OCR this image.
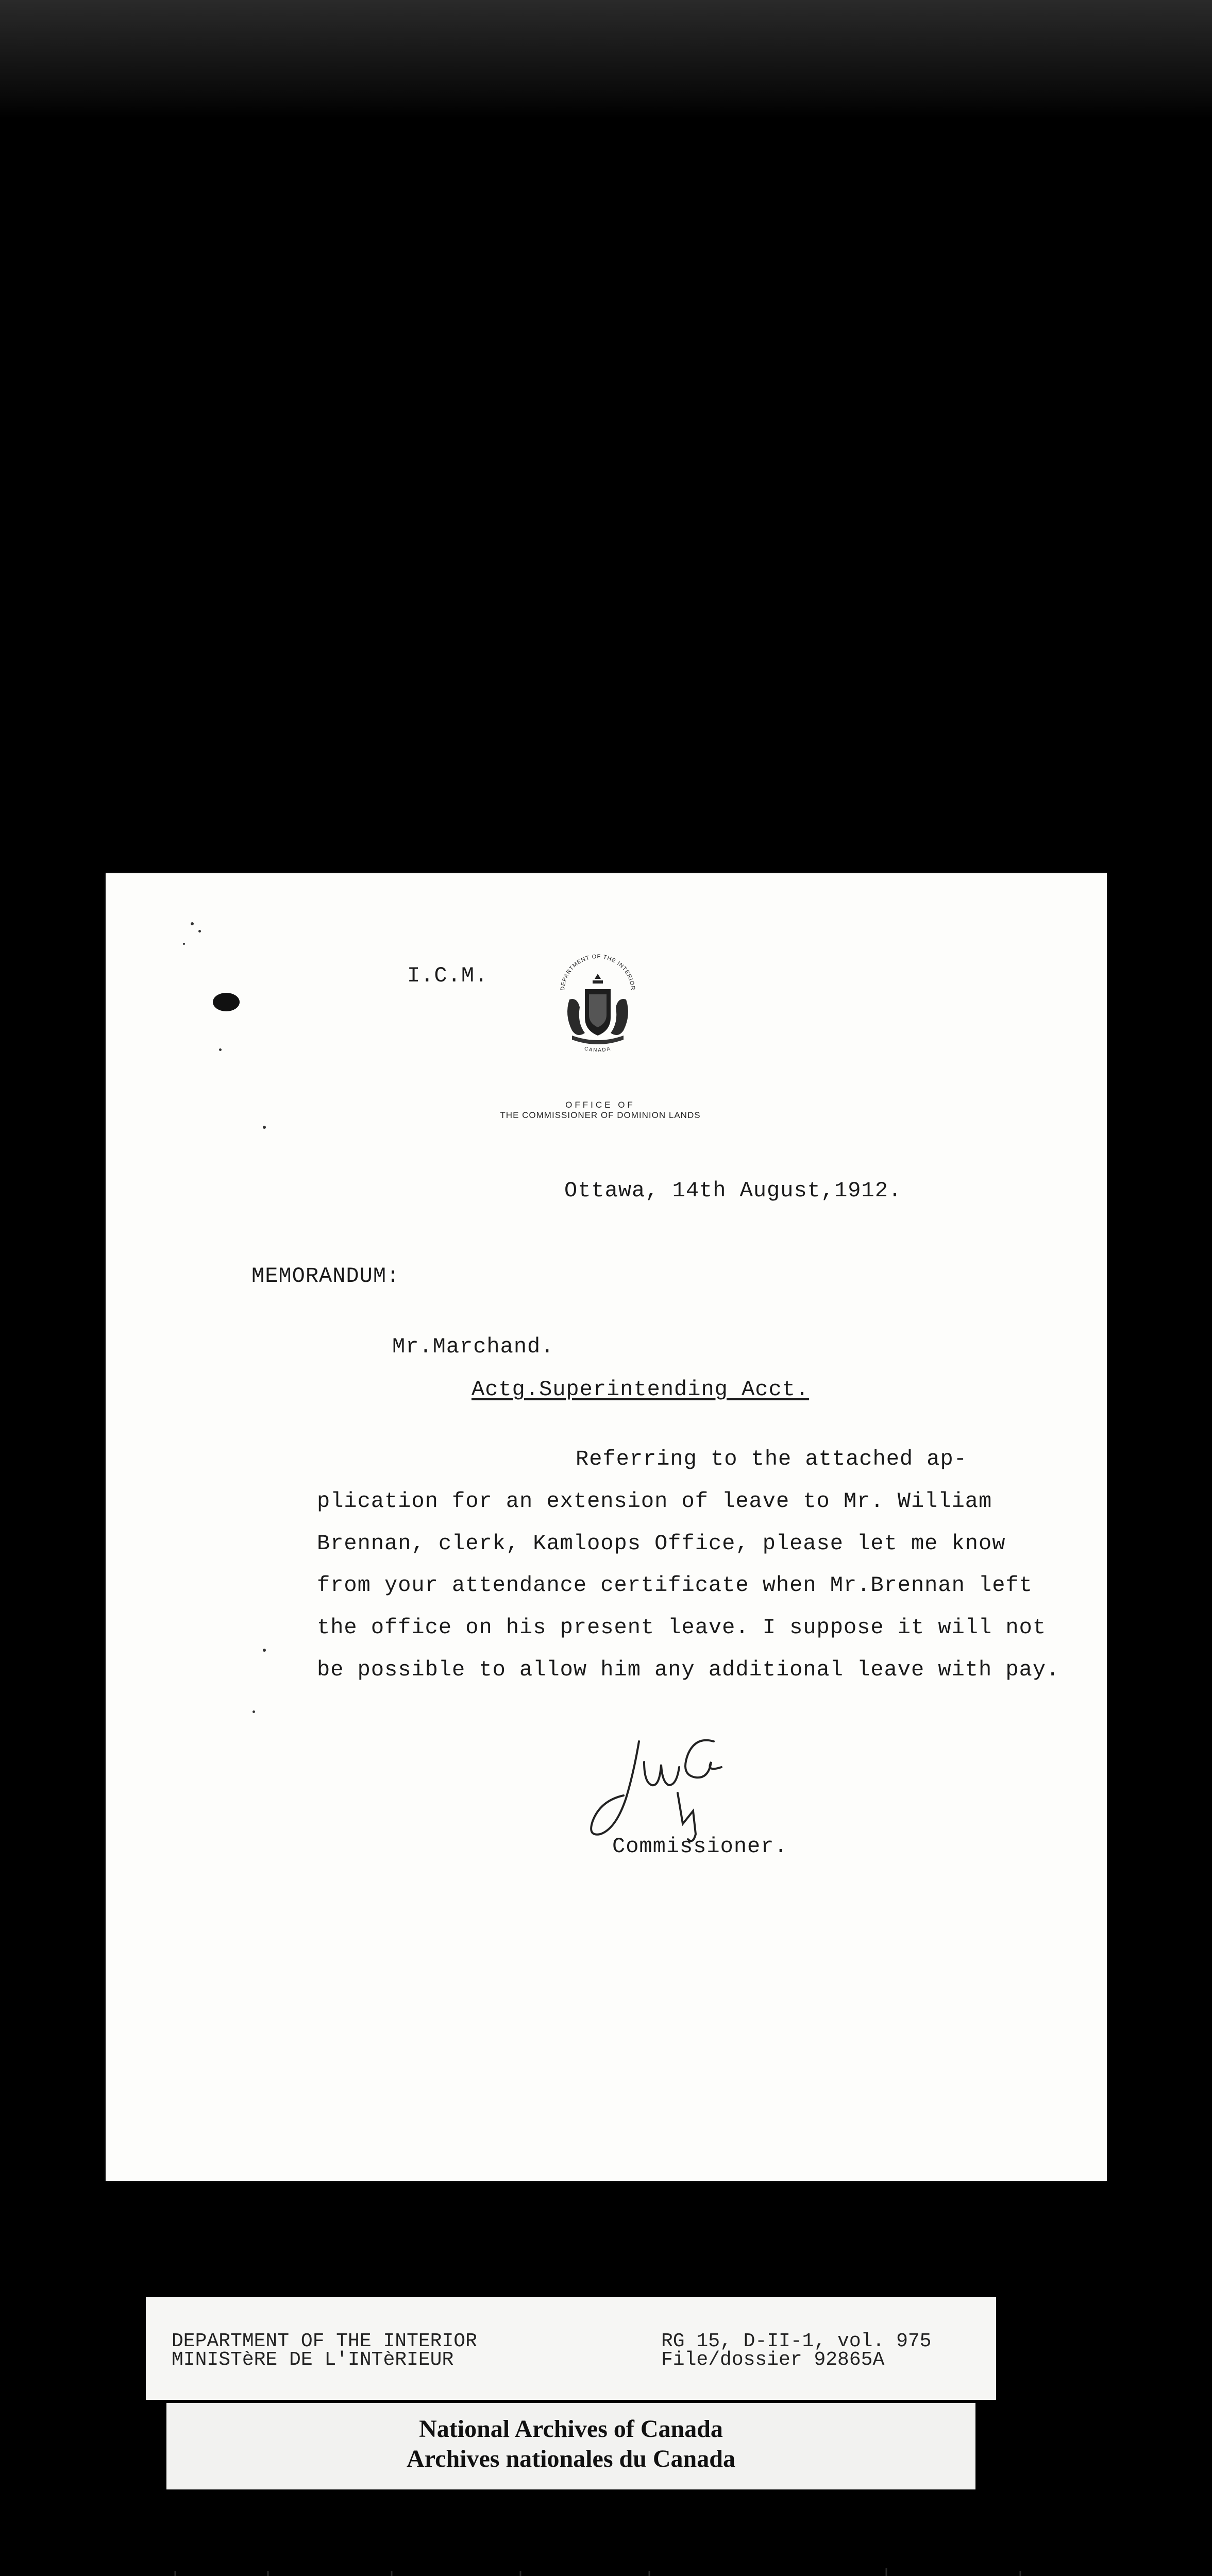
I.C.M.

DEPARTMENT OF THE INTERIOR
CANADA
OFFICE OF
THE COMMISSIONER OF DOMINION LANDS

Ottawa, 14th August,1912.

MEMORANDUM:

Mr.Marchand.

Actg.Superintending Acct.

Referring to the attached ap-

plication for an extension of leave to Mr. William

Brennan, clerk, Kamloops Office, please let me know

from your attendance certificate when Mr.Brennan left

the office on his present leave. I suppose it will not

be possible to allow him any additional leave with pay.

Commissioner.

DEPARTMENT OF THE INTERIOR

MINISTèRE DE L'INTèRIEUR

RG 15, D-II-1, vol. 975

File/dossier 92865A

National Archives of Canada
Archives nationales du Canada
